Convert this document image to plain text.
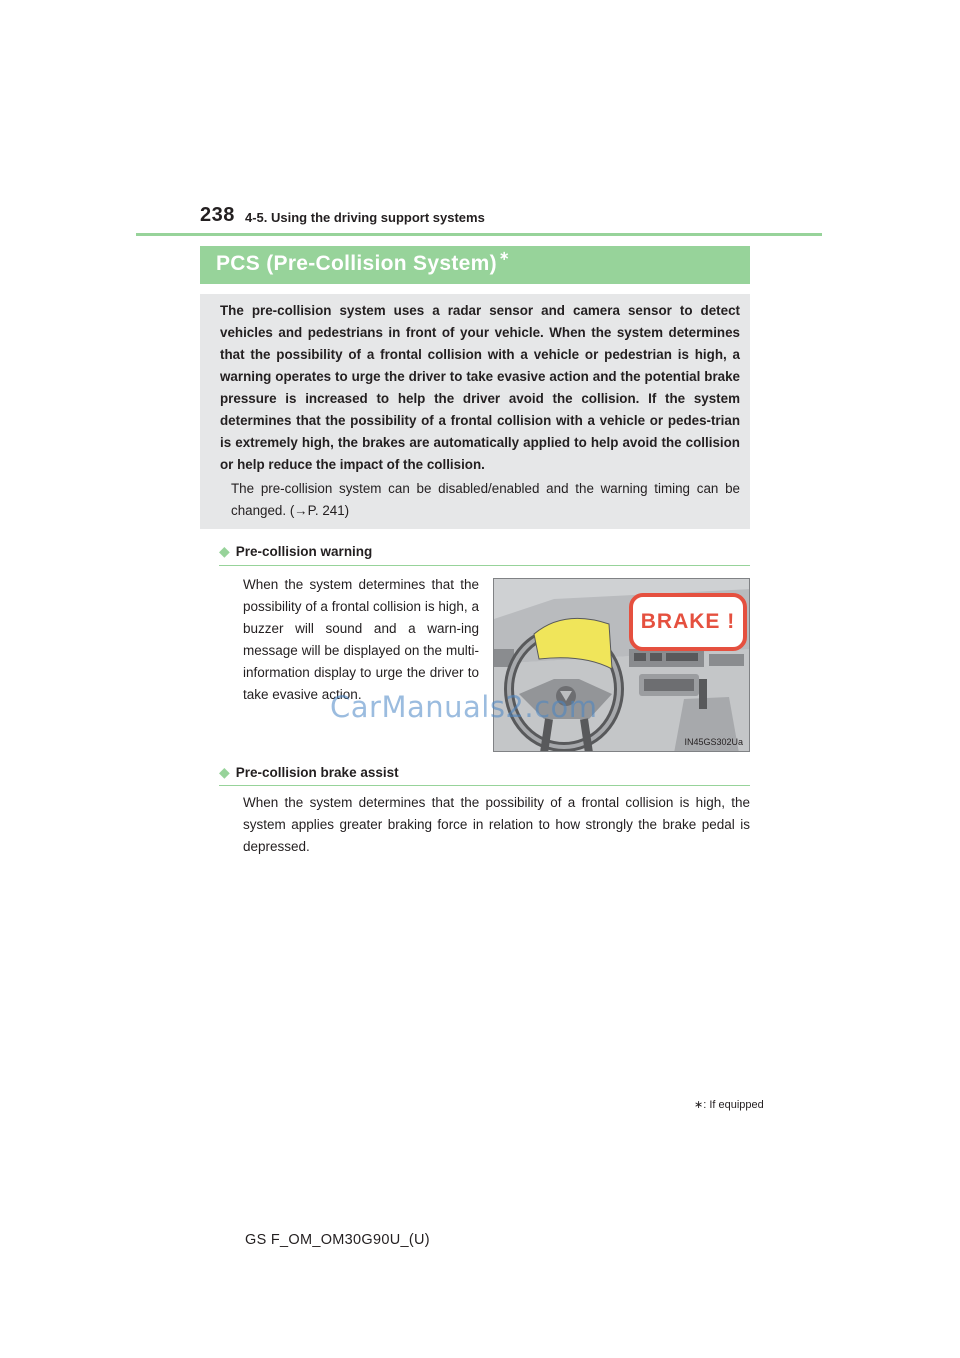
238 4-5. Using the driving support systems
PCS (Pre-Collision System) ∗
The pre-collision system uses a radar sensor and camera sensor to detect vehicles and pedestrians in front of your vehicle. When the system determines that the possibility of a frontal collision with a vehicle or pedestrian is high, a warning operates to urge the driver to take evasive action and the potential brake pressure is increased to help the driver avoid the collision. If the system determines that the possibility of a frontal collision with a vehicle or pedes-trian is extremely high, the brakes are automatically applied to help avoid the collision or help reduce the impact of the collision.
The pre-collision system can be disabled/enabled and the warning timing can be changed. (→P. 241)
◆ Pre-collision warning
When the system determines that the possibility of a frontal collision is high, a buzzer will sound and a warn-ing message will be displayed on the multi-information display to urge the driver to take evasive action.
BRAKE !
IN45GS302Ua
◆ Pre-collision brake assist
When the system determines that the possibility of a frontal collision is high, the system applies greater braking force in relation to how strongly the brake pedal is depressed.
CarManuals2.com
∗: If equipped
GS F_OM_OM30G90U_(U)
